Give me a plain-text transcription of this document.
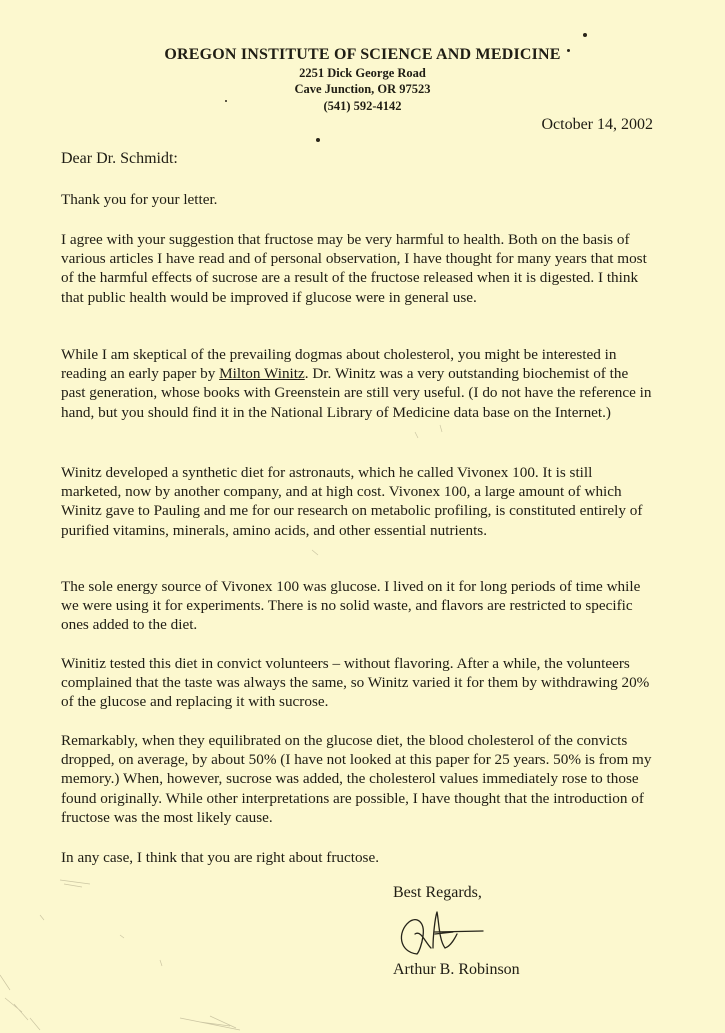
OREGON INSTITUTE OF SCIENCE AND MEDICINE
2251 Dick George Road
Cave Junction, OR 97523
(541) 592-4142
October 14, 2002
Dear Dr. Schmidt:

Thank you for your letter.

I agree with your suggestion that fructose may be very harmful to health. Both on the basis of various articles I have read and of personal observation, I have thought for many years that most of the harmful effects of sucrose are a result of the fructose released when it is digested. I think that public health would be improved if glucose were in general use.

While I am skeptical of the prevailing dogmas about cholesterol, you might be interested in reading an early paper by Milton Winitz. Dr. Winitz was a very outstanding biochemist of the past generation, whose books with Greenstein are still very useful. (I do not have the reference in hand, but you should find it in the National Library of Medicine data base on the Internet.)

Winitz developed a synthetic diet for astronauts, which he called Vivonex 100. It is still marketed, now by another company, and at high cost. Vivonex 100, a large amount of which Winitz gave to Pauling and me for our research on metabolic profiling, is constituted entirely of purified vitamins, minerals, amino acids, and other essential nutrients.

The sole energy source of Vivonex 100 was glucose. I lived on it for long periods of time while we were using it for experiments. There is no solid waste, and flavors are restricted to specific ones added to the diet.

Winitiz tested this diet in convict volunteers – without flavoring. After a while, the volunteers complained that the taste was always the same, so Winitz varied it for them by withdrawing 20% of the glucose and replacing it with sucrose.

Remarkably, when they equilibrated on the glucose diet, the blood cholesterol of the convicts dropped, on average, by about 50% (I have not looked at this paper for 25 years. 50% is from my memory.) When, however, sucrose was added, the cholesterol values immediately rose to those found originally. While other interpretations are possible, I have thought that the introduction of fructose was the most likely cause.

In any case, I think that you are right about fructose.

Best Regards,
Arthur B. Robinson
